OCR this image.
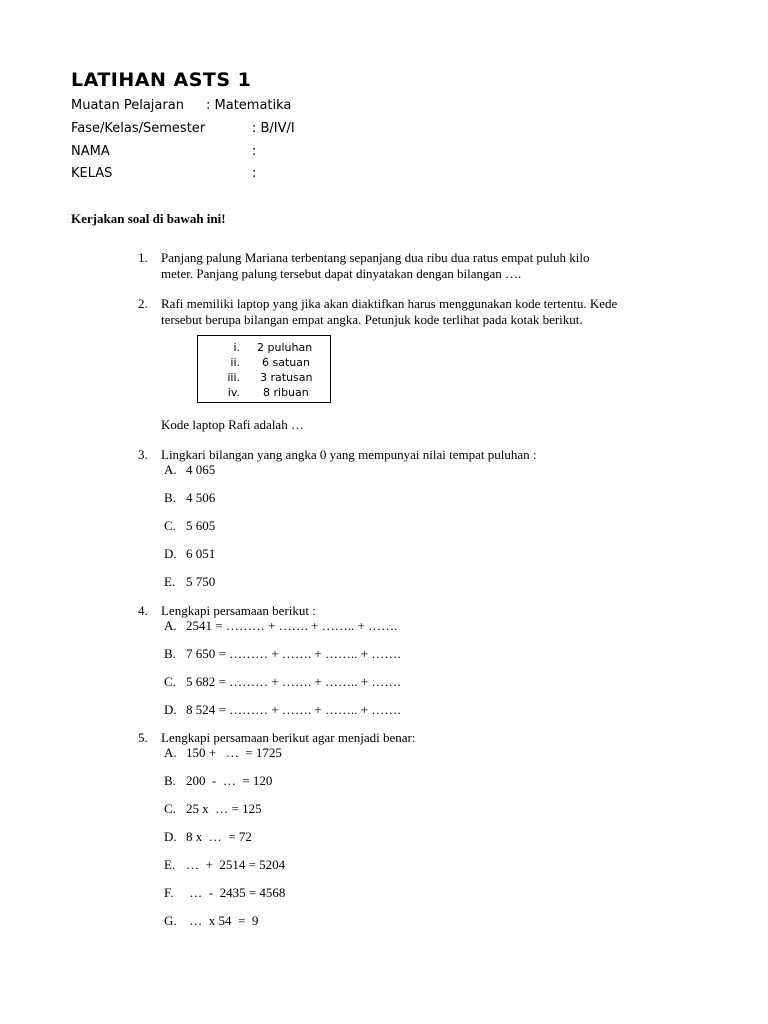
LATIHAN ASTS 1
Muatan Pelajaran : Matematika
Fase/Kelas/Semester	: B/IV/I
NAMA	:
KELAS	:
Kerjakan soal di bawah ini!
1. Panjang palung Mariana terbentang sepanjang dua ribu dua ratus empat puluh kilo
meter. Panjang palung tersebut dapat dinyatakan dengan bilangan ….
2. Rafi memiliki laptop yang jika akan diaktifkan harus menggunakan kode tertentu. Kede
tersebut berupa bilangan empat angka. Petunjuk kode terlihat pada kotak berikut.
i. 2 puluhan
ii. 6 satuan
iii. 3 ratusan
iv. 8 ribuan
Kode laptop Rafi adalah …
3. Lingkari bilangan yang angka 0 yang mempunyai nilai tempat puluhan :
A. 4 065
B. 4 506
C. 5 605
D. 6 051
E. 5 750
4. Lengkapi persamaan berikut :
A. 2541 = ……… + ……. + …….. + …….
B. 7 650 = ……… + ……. + …….. + …….
C. 5 682 = ……… + ……. + …….. + …….
D. 8 524 = ……… + ……. + …….. + …….
5. Lengkapi persamaan berikut agar menjadi benar:
A. 150 +   …  = 1725
B. 200  -  …  = 120
C. 25 x  … = 125
D. 8 x  …  = 72
E. …  +  2514 = 5204
F. …  -  2435 = 4568
G. …  x 54  =  9
